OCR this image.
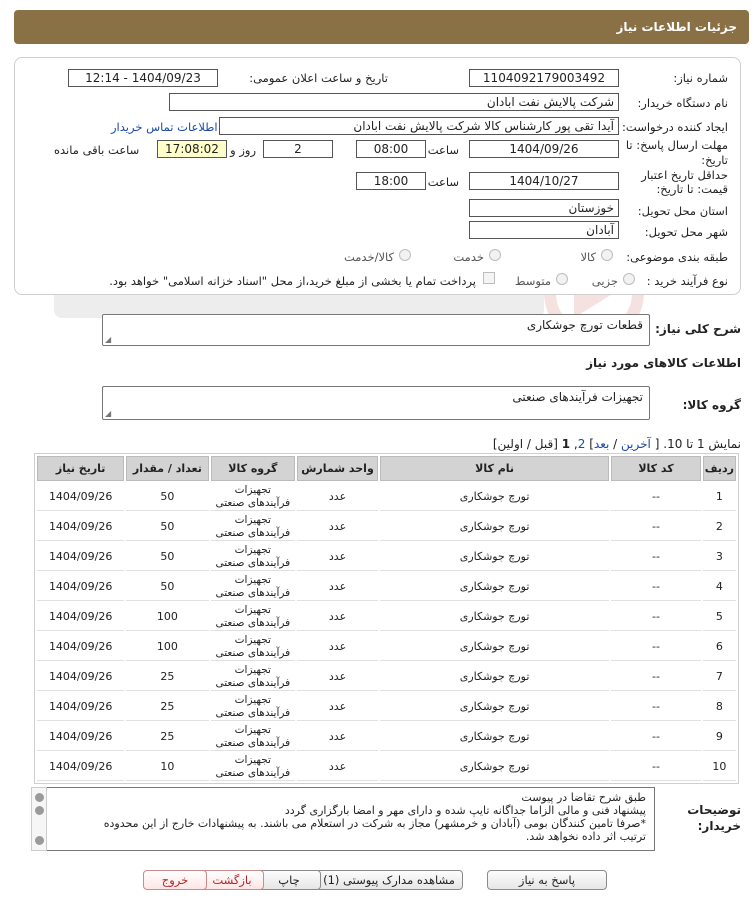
جزئیات اطلاعات نیاز
شماره نیاز:
1104092179003492
تاریخ و ساعت اعلان عمومی:
1404/09/23 - 12:14
نام دستگاه خریدار:
شرکت پالایش نفت ابادان
ایجاد کننده درخواست:
آیدا تقی پور کارشناس کالا شرکت پالایش نفت ابادان
اطلاعات تماس خریدار
مهلت ارسال پاسخ: تا
تاریخ:
1404/09/26
ساعت
08:00
2
روز و
17:08:02
ساعت باقی مانده
حداقل تاریخ اعتبار
قیمت: تا تاریخ:
1404/10/27
ساعت
18:00
استان محل تحویل:
خوزستان
شهر محل تحویل:
آبادان
طبقه بندی موضوعی:
کالا
خدمت
کالا/خدمت
نوع فرآیند خرید :
جزیی
متوسط
پرداخت تمام یا بخشی از مبلغ خرید،از محل "اسناد خزانه اسلامی" خواهد بود.
شرح کلی نیاز:
قطعات تورچ جوشکاری
◢
اطلاعات کالاهای مورد نیاز
گروه کالا:
تجهیزات فرآیندهای صنعتی
◢
نمایش 1 تا 10. [ آخرین / بعد] 2, 1 [قبل / اولین]
ردیف	کد کالا	نام کالا	واحد شمارش	گروه کالا	تعداد / مقدار	تاریخ نیاز
1	--	تورچ جوشکاری	عدد	تجهیزات فرآیندهای صنعتی	50	1404/09/26
2	--	تورچ جوشکاری	عدد	تجهیزات فرآیندهای صنعتی	50	1404/09/26
3	--	تورچ جوشکاری	عدد	تجهیزات فرآیندهای صنعتی	50	1404/09/26
4	--	تورچ جوشکاری	عدد	تجهیزات فرآیندهای صنعتی	50	1404/09/26
5	--	تورچ جوشکاری	عدد	تجهیزات فرآیندهای صنعتی	100	1404/09/26
6	--	تورچ جوشکاری	عدد	تجهیزات فرآیندهای صنعتی	100	1404/09/26
7	--	تورچ جوشکاری	عدد	تجهیزات فرآیندهای صنعتی	25	1404/09/26
8	--	تورچ جوشکاری	عدد	تجهیزات فرآیندهای صنعتی	25	1404/09/26
9	--	تورچ جوشکاری	عدد	تجهیزات فرآیندهای صنعتی	25	1404/09/26
10	--	تورچ جوشکاری	عدد	تجهیزات فرآیندهای صنعتی	10	1404/09/26
توضیحات
خریدار:
طبق شرح تقاضا در پیوست
پیشنهاد فنی و مالی الزاما جداگانه تایپ شده و دارای مهر و امضا بارگزاری گردد
*صرفا تامین کنندگان بومی (آبادان و خرمشهر) مجاز به شرکت در استعلام می باشند. به پیشنهادات خارج از این محدوده
ترتیب اثر داده نخواهد شد.
پاسخ به نیاز
مشاهده مدارک پیوستی (1)
چاپ
بازگشت
خروج
